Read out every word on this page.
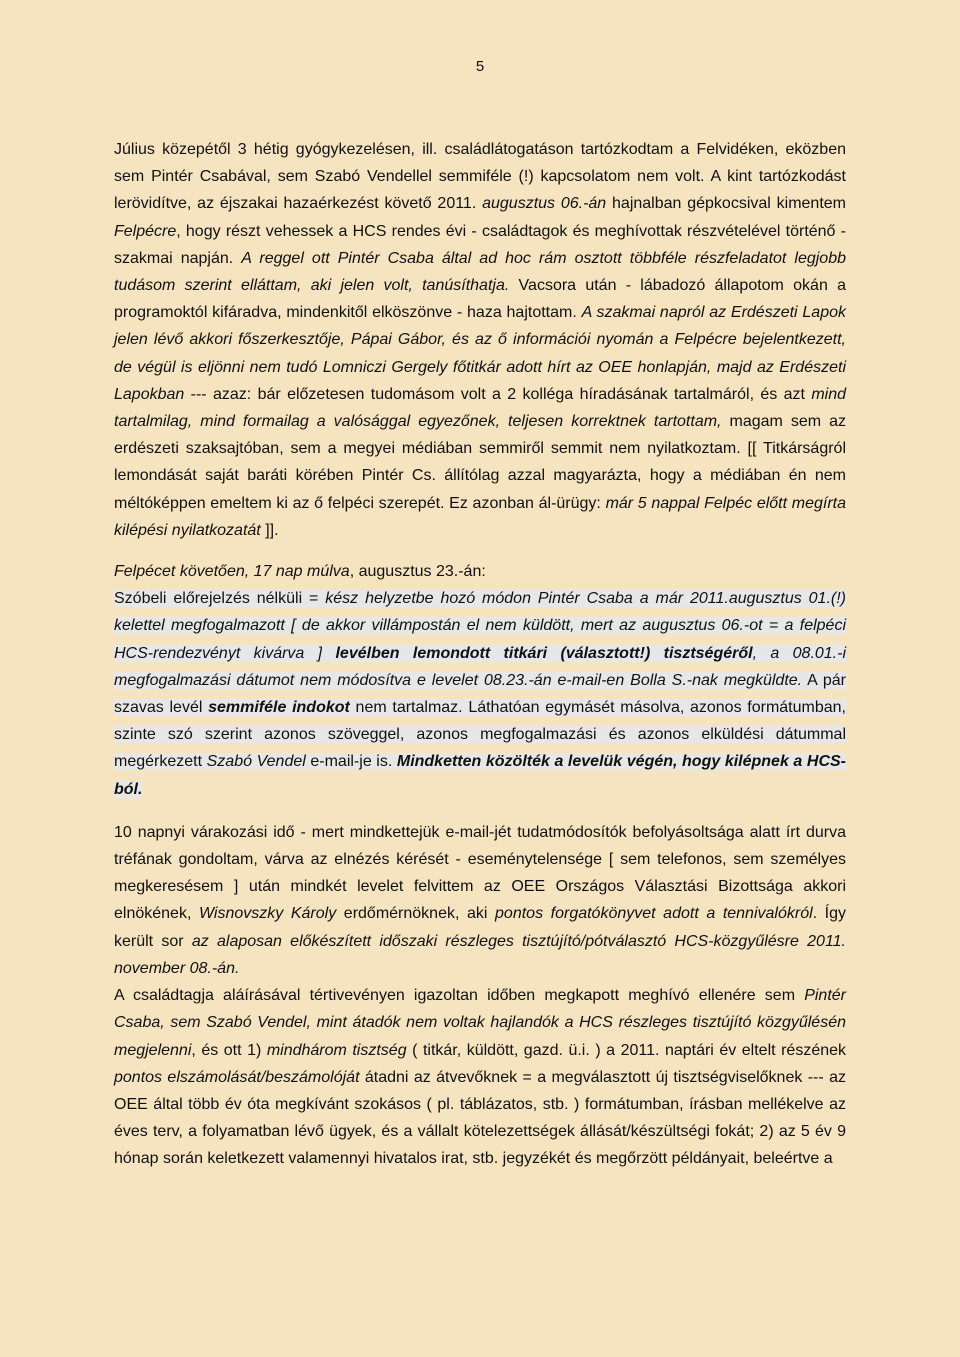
5

Július közepétől 3 hétig gyógykezelésen, ill. családlátogatáson tartózkodtam a Felvidéken, eközben sem Pintér Csabával, sem Szabó Vendellel semmiféle (!) kapcsolatom nem volt. A kint tartózkodást lerövidítve, az éjszakai hazaérkezést követő 2011. augusztus 06.-án hajnalban gépkocsival kimentem Felpécre, hogy részt vehessek a HCS rendes évi - családtagok és meghívottak részvételével történő - szakmai napján. A reggel ott Pintér Csaba által ad hoc rám osztott többféle részfeladatot legjobb tudásom szerint elláttam, aki jelen volt, tanúsíthatja. Vacsora után - lábadozó állapotom okán a programoktól kifáradva, mindenkitől elköszönve - haza hajtottam. A szakmai napról az Erdészeti Lapok jelen lévő akkori főszerkesztője, Pápai Gábor, és az ő információi nyomán a Felpécre bejelentkezett, de végül is eljönni nem tudó Lomniczi Gergely főtitkár adott hírt az OEE honlapján, majd az Erdészeti Lapokban --- azaz: bár előzetesen tudomásom volt a 2 kolléga híradásának tartalmáról, és azt mind tartalmilag, mind formailag a valósággal egyezőnek, teljesen korrektnek tartottam, magam sem az erdészeti szaksajtóban, sem a megyei médiában semmiről semmit nem nyilatkoztam. [[ Titkárságról lemondását saját baráti körében Pintér Cs. állítólag azzal magyarázta, hogy a médiában én nem méltóképpen emeltem ki az ő felpéci szerepét. Ez azonban ál-ürügy: már 5 nappal Felpéc előtt megírta kilépési nyilatkozatát ]].

Felpécet követően, 17 nap múlva, augusztus 23.-án:

Szóbeli előrejelzés nélküli = kész helyzetbe hozó módon Pintér Csaba a már 2011.augusztus 01.(!) kelettel megfogalmazott [ de akkor villámpostán el nem küldött, mert az augusztus 06.-ot = a felpéci HCS-rendezvényt kivárva ] levélben lemondott titkári (választott!) tisztségéről, a 08.01.-i megfogalmazási dátumot nem módosítva e levelet 08.23.-án e-mail-en Bolla S.-nak megküldte. A pár szavas levél semmiféle indokot nem tartalmaz. Láthatóan egymásét másolva, azonos formátumban, szinte szó szerint azonos szöveggel, azonos megfogalmazási és azonos elküldési dátummal megérkezett Szabó Vendel e-mail-je is. Mindketten közölték a levelük végén, hogy kilépnek a HCS-ból.

10 napnyi várakozási idő - mert mindkettejük e-mail-jét tudatmódosítók befolyásoltsága alatt írt durva tréfának gondoltam, várva az elnézés kérését - eseménytelensége [ sem telefonos, sem személyes megkeresésem ] után mindkét levelet felvittem az OEE Országos Választási Bizottsága akkori elnökének, Wisnovszky Károly erdőmérnöknek, aki pontos forgatókönyvet adott a tennivalókról. Így került sor az alaposan előkészített időszaki részleges tisztújító/pótválasztó HCS-közgyűlésre 2011. november 08.-án.

A családtagja aláírásával tértivevényen igazoltan időben megkapott meghívó ellenére sem Pintér Csaba, sem Szabó Vendel, mint átadók nem voltak hajlandók a HCS részleges tisztújító közgyűlésén megjelenni, és ott 1) mindhárom tisztség ( titkár, küldött, gazd. ü.i. ) a 2011. naptári év eltelt részének pontos elszámolását/beszámolóját átadni az átvevőknek = a megválasztott új tisztségviselőknek --- az OEE által több év óta megkívánt szokásos ( pl. táblázatos, stb. ) formátumban, írásban mellékelve az éves terv, a folyamatban lévő ügyek, és a vállalt kötelezettségek állását/készültségi fokát; 2) az 5 év 9 hónap során keletkezett valamennyi hivatalos irat, stb. jegyzékét és megőrzött példányait, beleértve a
